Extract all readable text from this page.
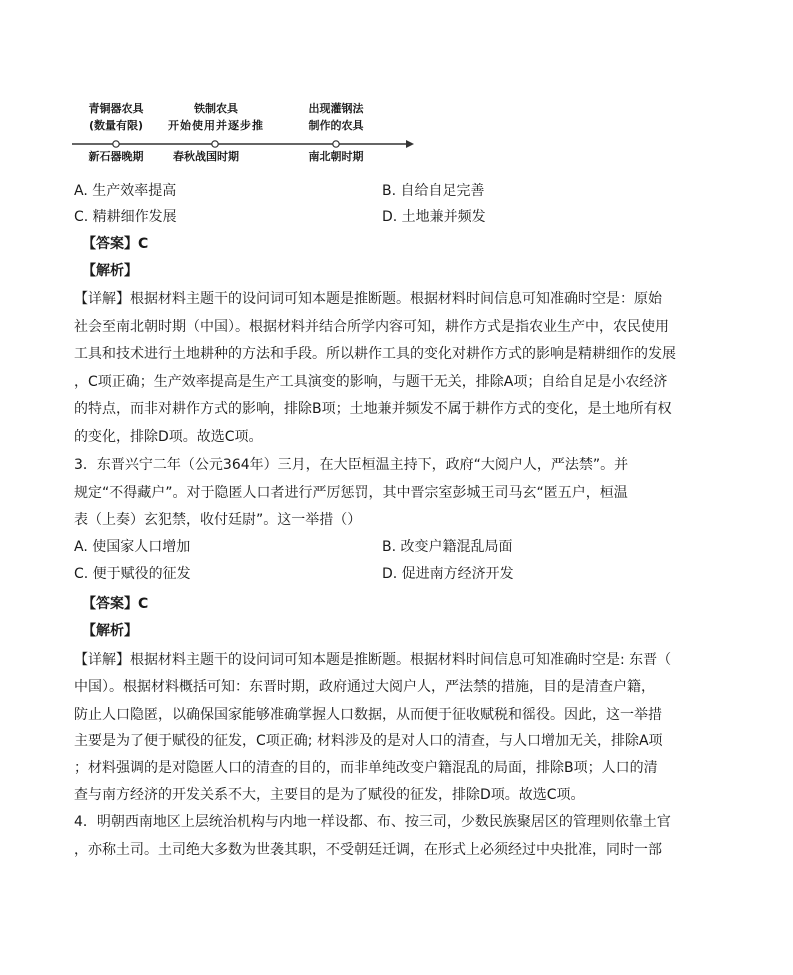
青铜器农具
(数量有限)
铁制农具
开始使用并逐步推
出现灌钢法
制作的农具
新石器晚期	春秋战国时期	南北朝时期
A. 生产效率提高	B. 自给自足完善
C. 精耕细作发展	D. 土地兼并频发
【答案】C
【解析】
【详解】根据材料主题干的设问词可知本题是推断题。根据材料时间信息可知准确时空是：原始
社会至南北朝时期（中国）。根据材料并结合所学内容可知，耕作方式是指农业生产中，农民使用
工具和技术进行土地耕种的方法和手段。所以耕作工具的变化对耕作方式的影响是精耕细作的发展
，C项正确；生产效率提高是生产工具演变的影响，与题干无关，排除A项；自给自足是小农经济
的特点，而非对耕作方式的影响，排除B项；土地兼并频发不属于耕作方式的变化，是土地所有权
的变化，排除D项。故选C项。
3．东晋兴宁二年（公元364年）三月，在大臣桓温主持下，政府“大阅户人，严法禁”。并
规定“不得藏户”。对于隐匿人口者进行严厉惩罚，其中晋宗室彭城王司马玄“匿五户，桓温
表（上奏）玄犯禁，收付廷尉”。这一举措（）
A. 使国家人口增加	B. 改变户籍混乱局面
C. 便于赋役的征发	D. 促进南方经济开发
【答案】C
【解析】
【详解】根据材料主题干的设问词可知本题是推断题。根据材料时间信息可知准确时空是: 东晋（
中国）。根据材料概括可知：东晋时期，政府通过大阅户人，严法禁的措施，目的是清查户籍，
防止人口隐匿，以确保国家能够准确掌握人口数据，从而便于征收赋税和徭役。因此，这一举措
主要是为了便于赋役的征发，C项正确; 材料涉及的是对人口的清查，与人口增加无关，排除A项
；材料强调的是对隐匿人口的清查的目的，而非单纯改变户籍混乱的局面，排除B项；人口的清
查与南方经济的开发关系不大，主要目的是为了赋役的征发，排除D项。故选C项。
4．明朝西南地区上层统治机构与内地一样设都、布、按三司，少数民族聚居区的管理则依靠土官
，亦称土司。土司绝大多数为世袭其职，不受朝廷迁调，在形式上必须经过中央批准，同时一部
